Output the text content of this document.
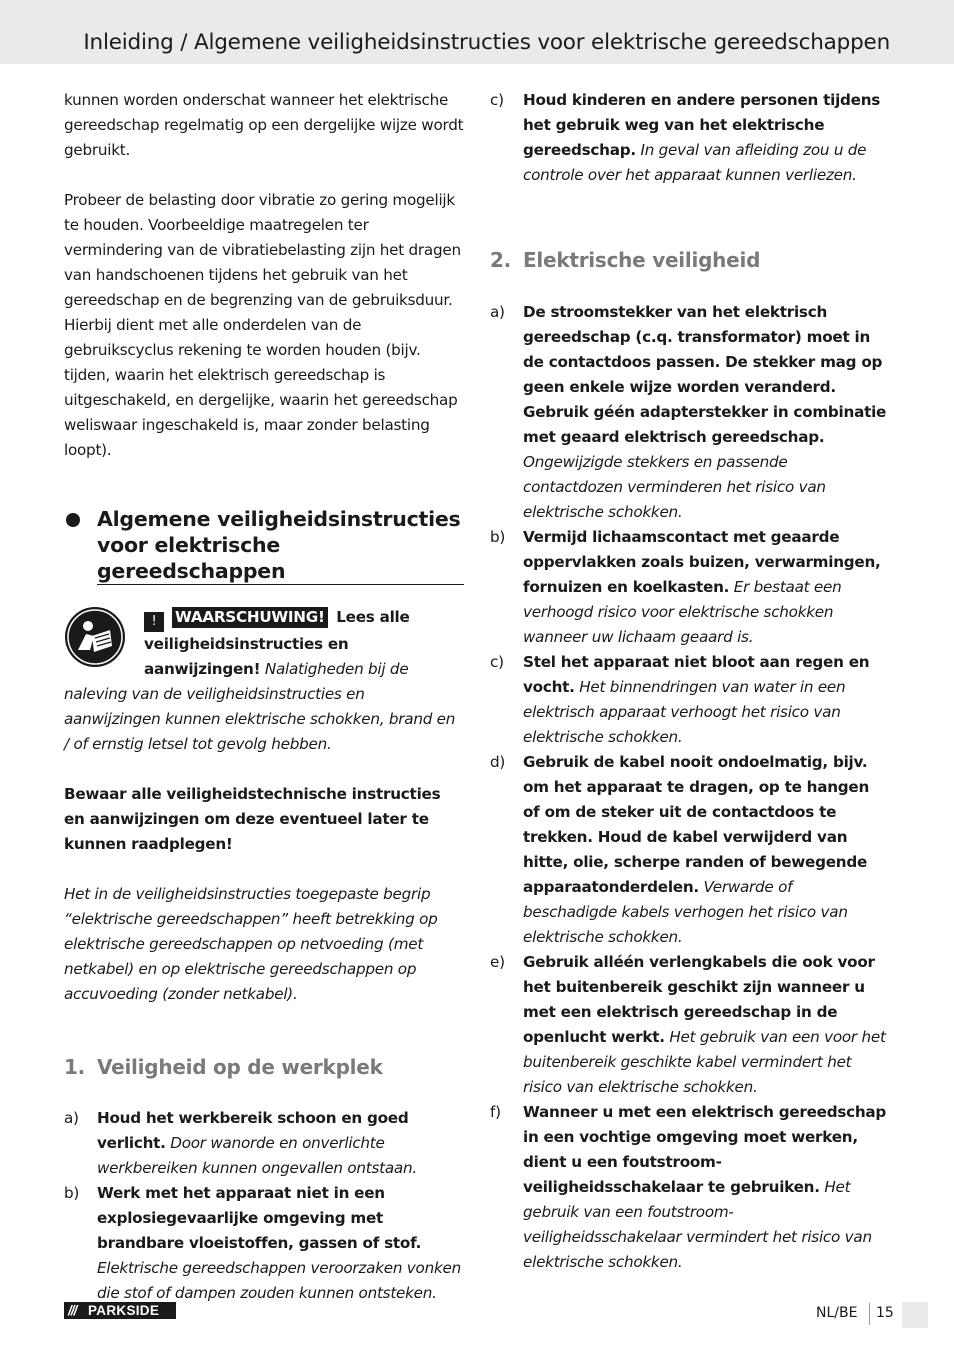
Inleiding / Algemene veiligheidsinstructies voor elektrische gereedschappen

kunnen worden onderschat wanneer het elektrische gereedschap regelmatig op een dergelijke wijze wordt gebruikt.

Probeer de belasting door vibratie zo gering mogelijk te houden. Voorbeeldige maatregelen ter vermindering van de vibratiebelasting zijn het dragen van handschoenen tijdens het gebruik van het gereedschap en de begrenzing van de gebruiksduur. Hierbij dient met alle onderdelen van de gebruikscyclus rekening te worden houden (bijv. tijden, waarin het elektrisch gereedschap is uitgeschakeld, en dergelijke, waarin het gereedschap weliswaar ingeschakeld is, maar zonder belasting loopt).

Algemene veiligheidsinstructies
voor elektrische gereedschappen

! WAARSCHUWING! Lees alle veiligheidsinstructies en aanwijzingen! Nalatigheden bij de naleving van de veiligheidsinstructies en aanwijzingen kunnen elektrische schokken, brand en / of ernstig letsel tot gevolg hebben.

Bewaar alle veiligheidstechnische instructies en aanwijzingen om deze eventueel later te kunnen raadplegen!

Het in de veiligheidsinstructies toegepaste begrip “elektrische gereedschappen” heeft betrekking op elektrische gereedschappen op netvoeding (met netkabel) en op elektrische gereedschappen op accuvoeding (zonder netkabel).

1. Veiligheid op de werkplek
a) Houd het werkbereik schoon en goed verlicht. Door wanorde en onverlichte werkbereiken kunnen ongevallen ontstaan.
b) Werk met het apparaat niet in een explosiegevaarlijke omgeving met brandbare vloeistoffen, gassen of stof. Elektrische gereedschappen veroorzaken vonken die stof of dampen zouden kunnen ontsteken.
c) Houd kinderen en andere personen tijdens het gebruik weg van het elektrische gereedschap. In geval van afleiding zou u de controle over het apparaat kunnen verliezen.
2. Elektrische veiligheid
a) De stroomstekker van het elektrisch gereedschap (c.q. transformator) moet in de contactdoos passen. De stekker mag op geen enkele wijze worden veranderd. Gebruik géén adapterstekker in combinatie met geaard elektrisch gereedschap. Ongewijzigde stekkers en passende contactdozen verminderen het risico van elektrische schokken.
b) Vermijd lichaamscontact met geaarde oppervlakken zoals buizen, verwarmingen, fornuizen en koelkasten. Er bestaat een verhoogd risico voor elektrische schokken wanneer uw lichaam geaard is.
c) Stel het apparaat niet bloot aan regen en vocht. Het binnendringen van water in een elektrisch apparaat verhoogt het risico van elektrische schokken.
d) Gebruik de kabel nooit ondoelmatig, bijv. om het apparaat te dragen, op te hangen of om de steker uit de contactdoos te trekken. Houd de kabel verwijderd van hitte, olie, scherpe randen of bewegende apparaatonderdelen. Verwarde of beschadigde kabels verhogen het risico van elektrische schokken.
e) Gebruik alléén verlengkabels die ook voor het buitenbereik geschikt zijn wanneer u met een elektrisch gereedschap in de openlucht werkt. Het gebruik van een voor het buitenbereik geschikte kabel vermindert het risico van elektrische schokken.
f) Wanneer u met een elektrisch gereedschap in een vochtige omgeving moet werken, dient u een foutstroom-veiligheidsschakelaar te gebruiken. Het gebruik van een foutstroom-veiligheidsschakelaar vermindert het risico van elektrische schokken.
/// PARKSIDE	NL/BE 15
